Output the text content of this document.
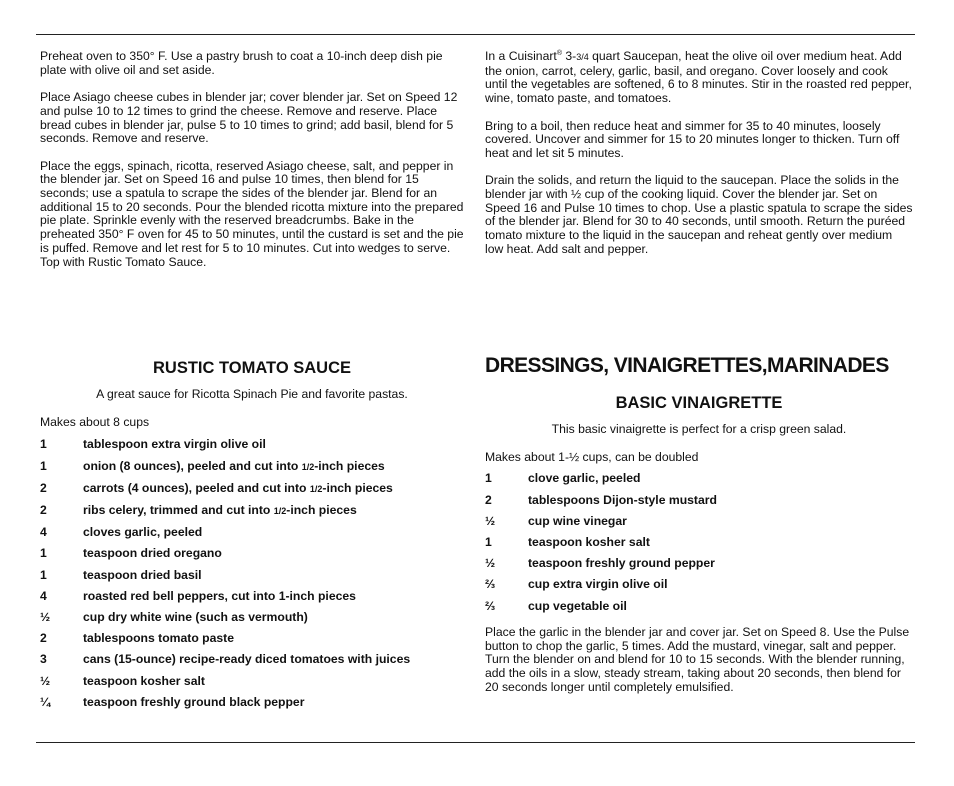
Preheat oven to 350° F. Use a pastry brush to coat a 10-inch deep dish pie plate with olive oil and set aside.

Place Asiago cheese cubes in blender jar; cover blender jar. Set on Speed 12 and pulse 10 to 12 times to grind the cheese. Remove and reserve. Place bread cubes in blender jar, pulse 5 to 10 times to grind; add basil, blend for 5 seconds. Remove and reserve.

Place the eggs, spinach, ricotta, reserved Asiago cheese, salt, and pepper in the blender jar. Set on Speed 16 and pulse 10 times, then blend for 15 seconds; use a spatula to scrape the sides of the blender jar. Blend for an additional 15 to 20 seconds. Pour the blended ricotta mixture into the prepared pie plate. Sprinkle evenly with the reserved breadcrumbs. Bake in the preheated 350° F oven for 45 to 50 minutes, until the custard is set and the pie is puffed. Remove and let rest for 5 to 10 minutes. Cut into wedges to serve. Top with Rustic Tomato Sauce.

In a Cuisinart® 3-3/4 quart Saucepan, heat the olive oil over medium heat. Add the onion, carrot, celery, garlic, basil, and oregano. Cover loosely and cook until the vegetables are softened, 6 to 8 minutes. Stir in the roasted red pepper, wine, tomato paste, and tomatoes.

Bring to a boil, then reduce heat and simmer for 35 to 40 minutes, loosely covered. Uncover and simmer for 15 to 20 minutes longer to thicken. Turn off heat and let sit 5 minutes.

Drain the solids, and return the liquid to the saucepan. Place the solids in the blender jar with ½ cup of the cooking liquid. Cover the blender jar. Set on Speed 16 and Pulse 10 times to chop. Use a plastic spatula to scrape the sides of the blender jar. Blend for 30 to 40 seconds, until smooth. Return the puréed tomato mixture to the liquid in the saucepan and reheat gently over medium low heat. Add salt and pepper.

RUSTIC TOMATO SAUCE

A great sauce for Ricotta Spinach Pie and favorite pastas.

Makes about 8 cups

1	tablespoon extra virgin olive oil
1	onion (8 ounces), peeled and cut into 1/2-inch pieces
2	carrots (4 ounces), peeled and cut into 1/2-inch pieces
2	ribs celery, trimmed and cut into 1/2-inch pieces
4	cloves garlic, peeled
1	teaspoon dried oregano
1	teaspoon dried basil
4	roasted red bell peppers, cut into 1-inch pieces
½	cup dry white wine (such as vermouth)
2	tablespoons tomato paste
3	cans (15-ounce) recipe-ready diced tomatoes with juices
½	teaspoon kosher salt
¼	teaspoon freshly ground black pepper
DRESSINGS, VINAIGRETTES,MARINADES
BASIC VINAIGRETTE

This basic vinaigrette is perfect for a crisp green salad.

Makes about 1-½ cups, can be doubled

1	clove garlic, peeled
2	tablespoons Dijon-style mustard
½	cup wine vinegar
1	teaspoon kosher salt
½	teaspoon freshly ground pepper
⅔	cup extra virgin olive oil
⅔	cup vegetable oil

Place the garlic in the blender jar and cover jar. Set on Speed 8. Use the Pulse button to chop the garlic, 5 times. Add the mustard, vinegar, salt and pepper. Turn the blender on and blend for 10 to 15 seconds. With the blender running, add the oils in a slow, steady stream, taking about 20 seconds, then blend for 20 seconds longer until completely emulsified.
